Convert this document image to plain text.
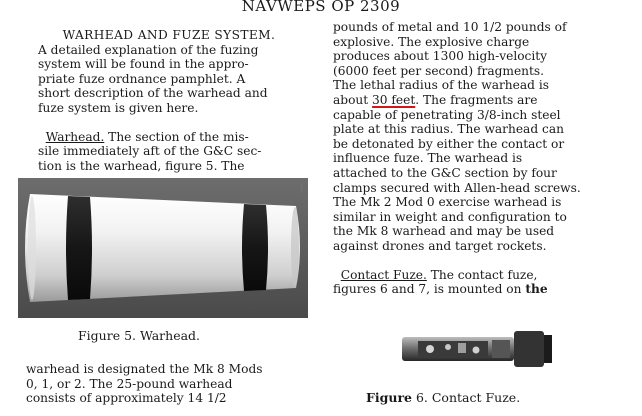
NAVWEPS OP 2309

WARHEAD AND FUZE SYSTEM.

A detailed explanation of the fuzing

system will be found in the appro-

priate fuze ordnance pamphlet. A

short description of the warhead and

fuze system is given here.

Warhead. The section of the mis-

sile immediately aft of the G&C sec-

tion is the warhead, figure 5. The

¦
Figure 5. Warhead.

warhead is designated the Mk 8 Mods

0, 1, or 2. The 25-pound warhead

consists of approximately 14 1/2

pounds of metal and 10 1/2 pounds of

explosive. The explosive charge

produces about 1300 high-velocity

(6000 feet per second) fragments.

The lethal radius of the warhead is

about 30 feet. The fragments are

capable of penetrating 3/8-inch steel

plate at this radius. The warhead can

be detonated by either the contact or

influence fuze. The warhead is

attached to the G&C section by four

clamps secured with Allen-head screws.

The Mk 2 Mod 0 exercise warhead is

similar in weight and configuration to

the Mk 8 warhead and may be used

against drones and target rockets.

Contact Fuze. The contact fuze,

figures 6 and 7, is mounted on the

Figure 6. Contact Fuze.
